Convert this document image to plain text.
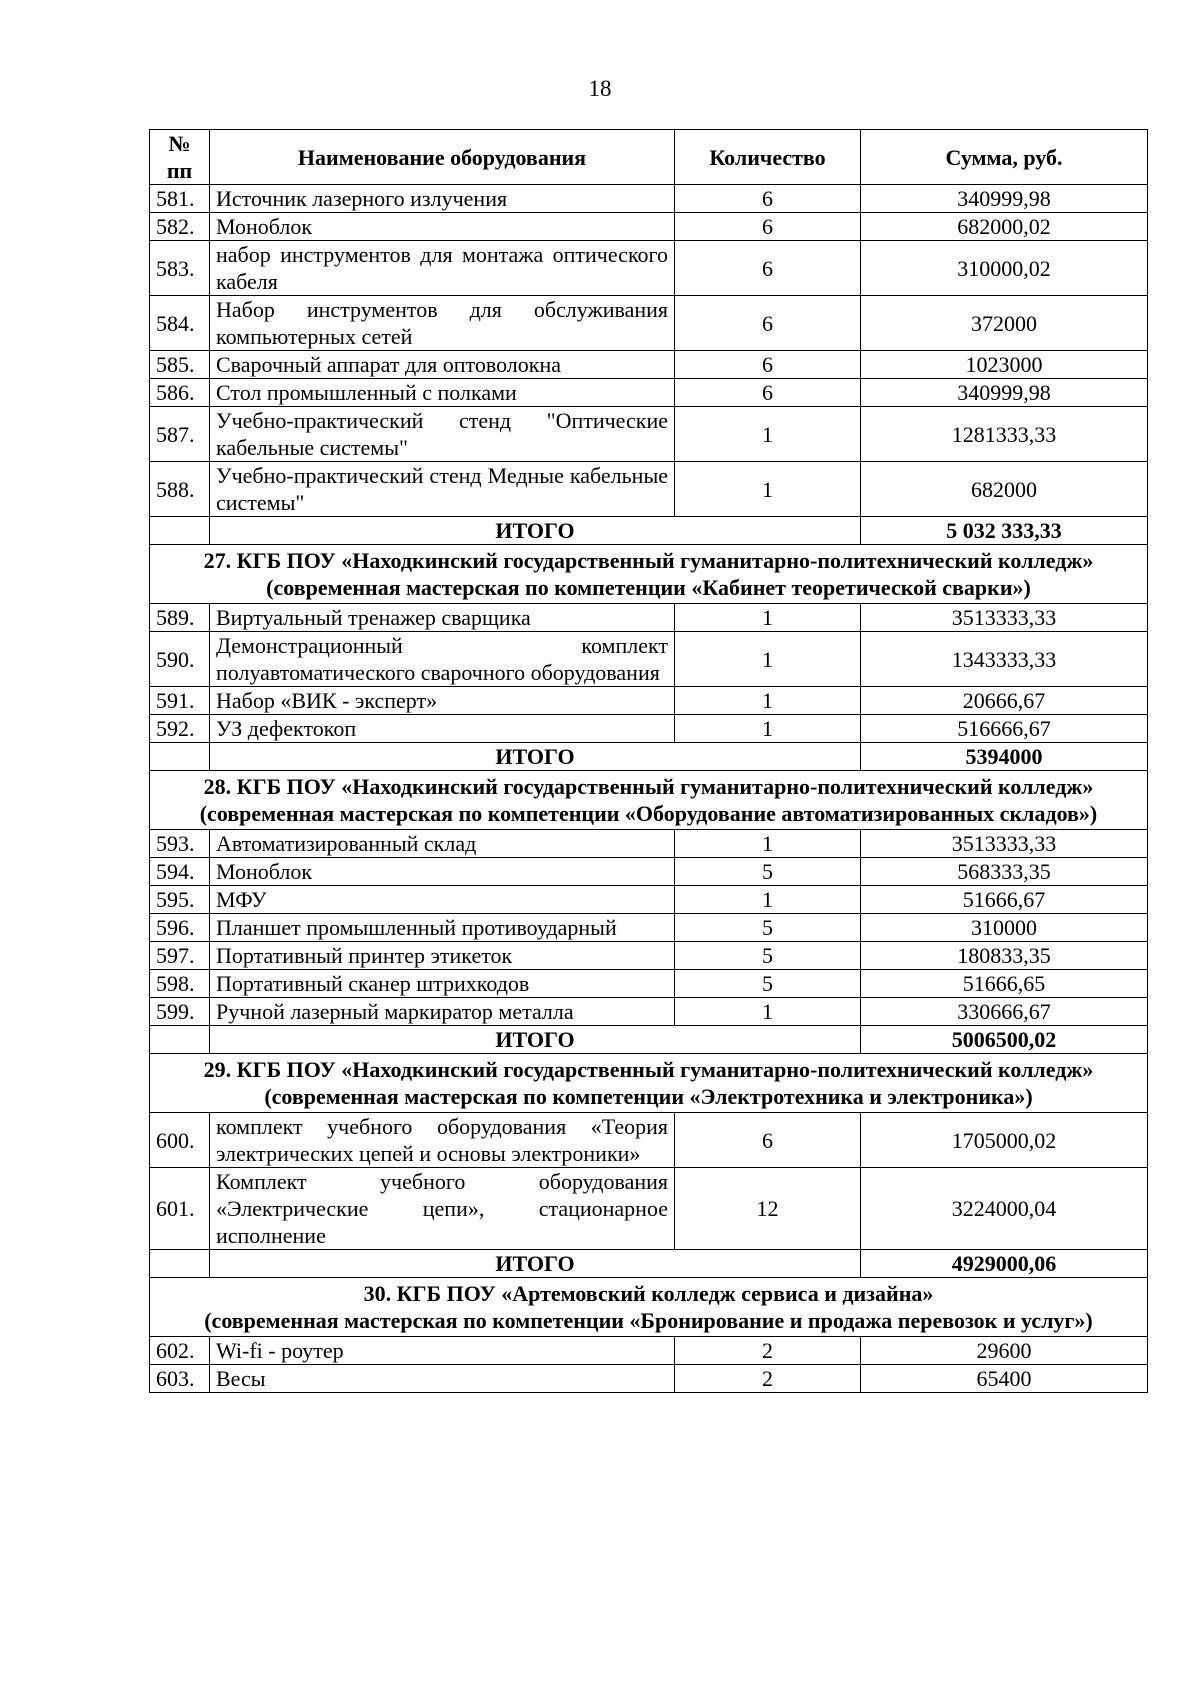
18
№ пп	Наименование оборудования	Количество	Сумма, руб.
581.	Источник лазерного излучения	6	340999,98
582.	Моноблок	6	682000,02
583.	набор инструментов для монтажа оптического кабеля	6	310000,02
584.	Набор инструментов для обслуживания компьютерных сетей	6	372000
585.	Сварочный аппарат для оптоволокна	6	1023000
586.	Стол промышленный с полками	6	340999,98
587.	Учебно-практический стенд "Оптические кабельные системы"	1	1281333,33
588.	Учебно-практический стенд Медные кабельные системы"	1	682000
	ИТОГО		5 032 333,33

27. КГБ ПОУ «Находкинский государственный гуманитарно-политехнический колледж»
(современная мастерская по компетенции «Кабинет теоретической сварки»)			

589.	Виртуальный тренажер сварщика	1	3513333,33
590.	Демонстрационный комплект полуавтоматического сварочного оборудования	1	1343333,33
591.	Набор «ВИК - эксперт»	1	20666,67
592.	УЗ дефектокоп	1	516666,67
	ИТОГО		5394000

28. КГБ ПОУ «Находкинский государственный гуманитарно-политехнический колледж»
(современная мастерская по компетенции «Оборудование автоматизированных складов»)			

593.	Автоматизированный склад	1	3513333,33
594.	Моноблок	5	568333,35
595.	МФУ	1	51666,67
596.	Планшет промышленный противоударный	5	310000
597.	Портативный принтер этикеток	5	180833,35
598.	Портативный сканер штрихкодов	5	51666,65
599.	Ручной лазерный маркиратор металла	1	330666,67
	ИТОГО		5006500,02

29. КГБ ПОУ «Находкинский государственный гуманитарно-политехнический колледж»
(современная мастерская по компетенции «Электротехника и электроника»)			

600.	комплект учебного оборудования «Теория электрических цепей и основы электроники»	6	1705000,02
601.	Комплект учебного оборудования «Электрические цепи», стационарное исполнение	12	3224000,04
	ИТОГО		4929000,06

30. КГБ ПОУ «Артемовский колледж сервиса и дизайна»
(современная мастерская по компетенции «Бронирование и продажа перевозок и услуг»)			

602.	Wi-fi - роутер	2	29600
603.	Весы	2	65400
